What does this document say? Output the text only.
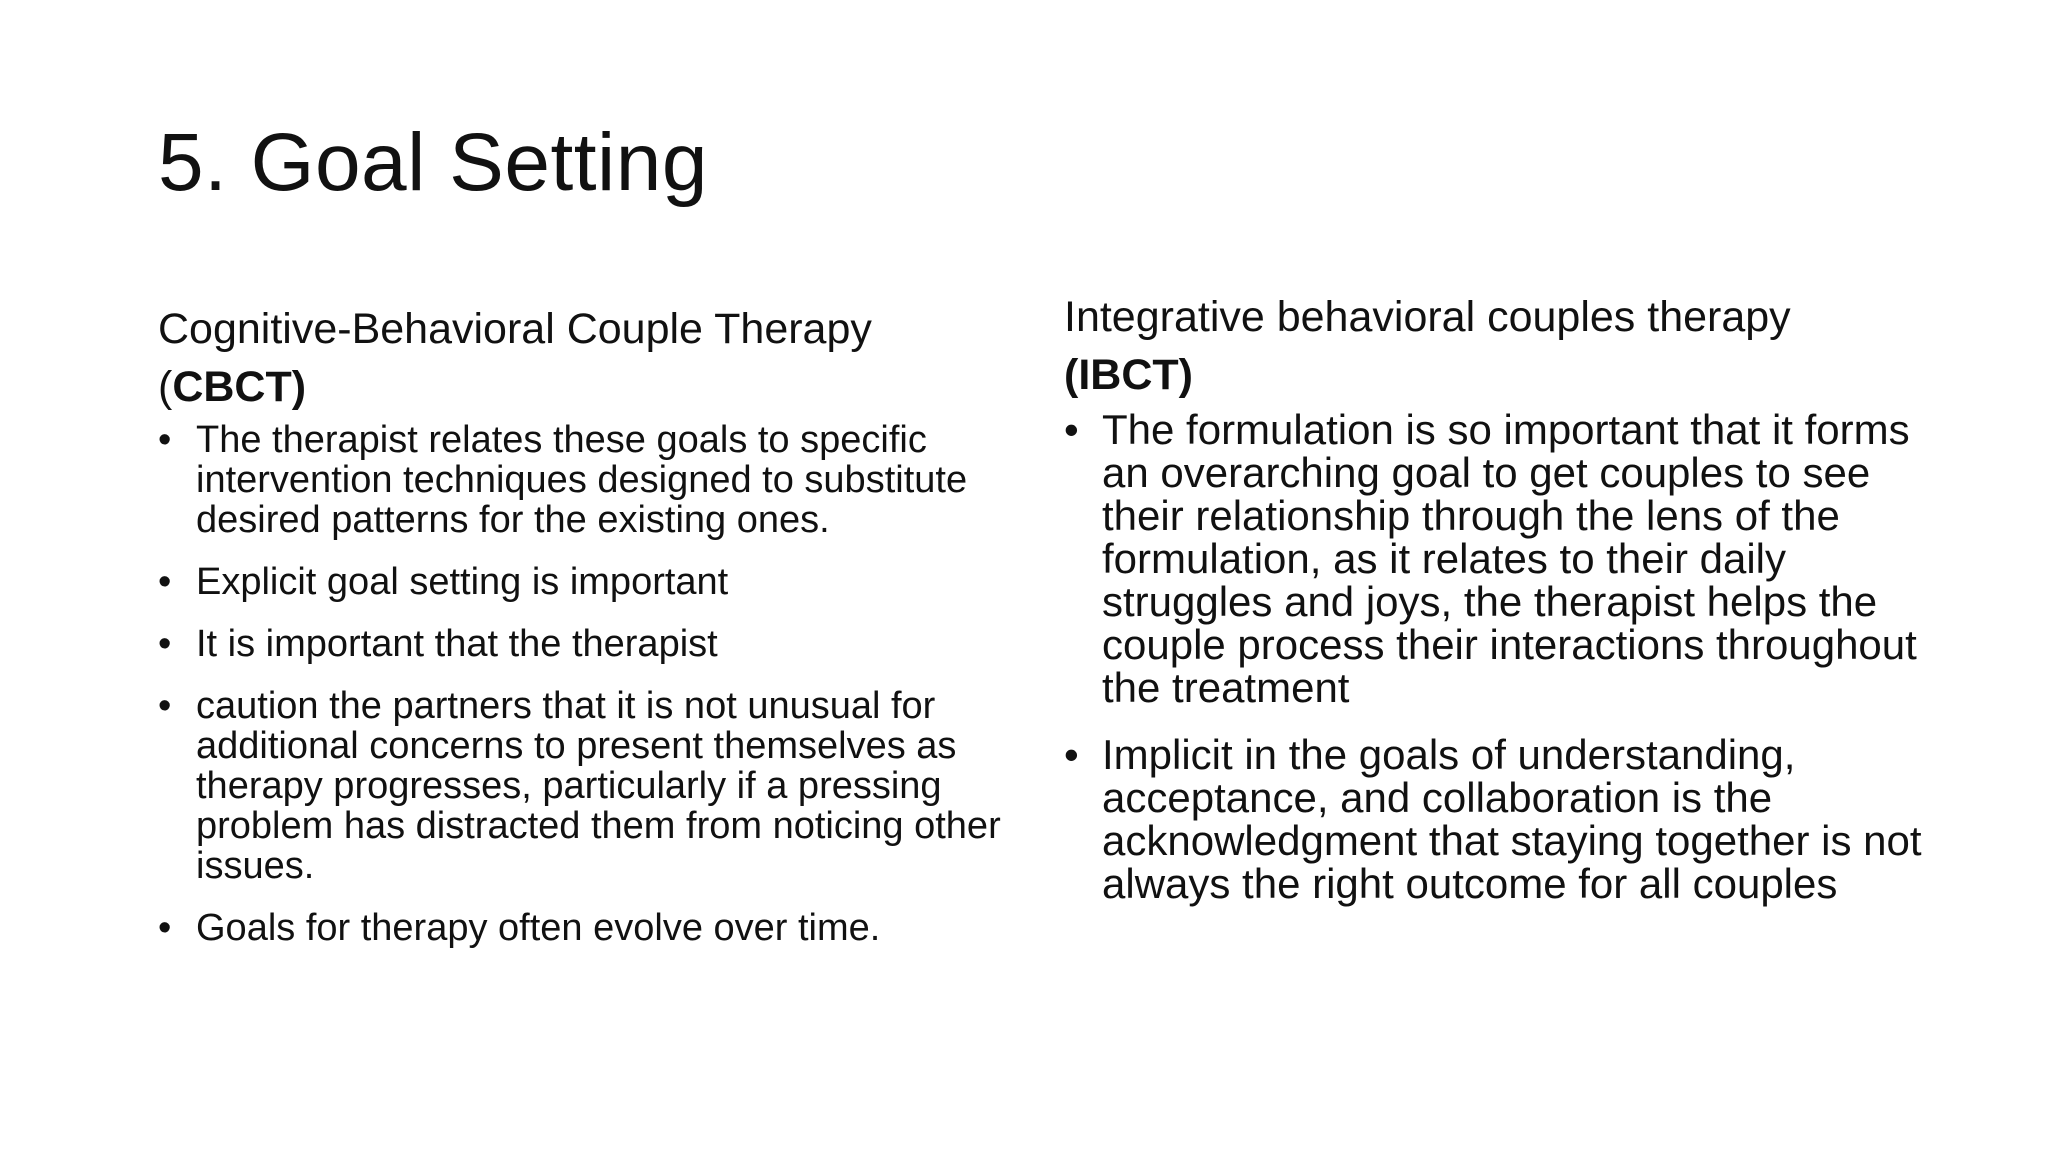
5. Goal Setting

Cognitive-Behavioral Couple Therapy
(CBCT)

• The therapist relates these goals to specific intervention techniques designed to substitute desired patterns for the existing ones.
• Explicit goal setting is important
• It is important that the therapist
• caution the partners that it is not unusual for additional concerns to present themselves as therapy progresses, particularly if a pressing problem has distracted them from noticing other issues.
• Goals for therapy often evolve over time.

Integrative behavioral couples therapy
(IBCT)

• The formulation is so important that it forms an overarching goal to get couples to see their relationship through the lens of the formulation, as it relates to their daily struggles and joys, the therapist helps the couple process their interactions throughout the treatment
• Implicit in the goals of understanding, acceptance, and collaboration is the acknowledgment that staying together is not always the right outcome for all couples
